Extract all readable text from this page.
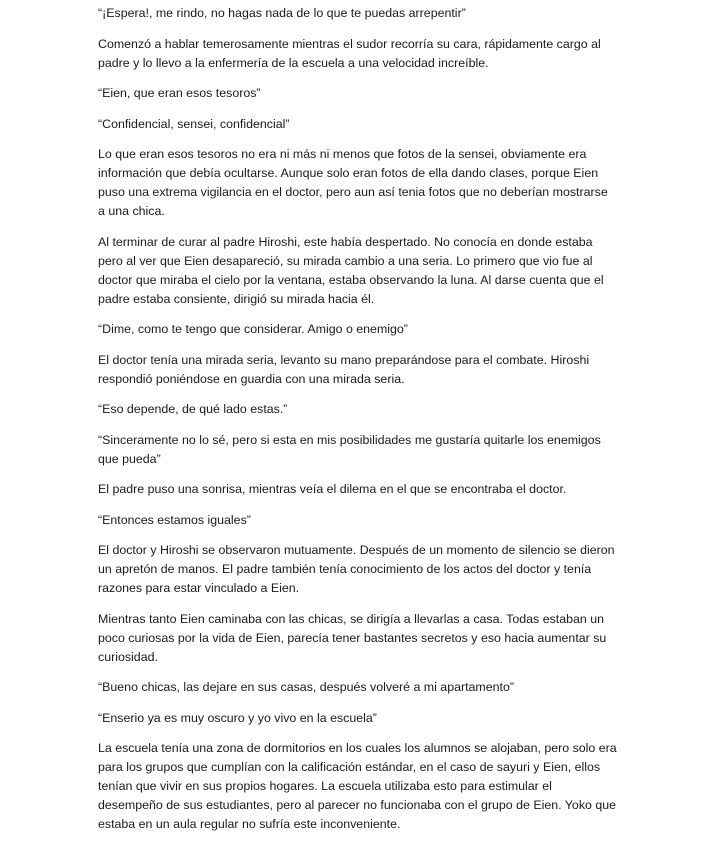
“¡Espera!, me rindo, no hagas nada de lo que te puedas arrepentir”

Comenzó a hablar temerosamente mientras el sudor recorría su cara, rápidamente cargo al padre y lo llevo a la enfermería de la escuela a una velocidad increíble.

“Eien, que eran esos tesoros”

“Confidencial, sensei, confidencial”

Lo que eran esos tesoros no era ni más ni menos que fotos de la sensei, obviamente era información que debía ocultarse. Aunque solo eran fotos de ella dando clases, porque Eien puso una extrema vigilancia en el doctor, pero aun así tenia fotos que no deberían mostrarse a una chica.

Al terminar de curar al padre Hiroshi, este había despertado. No conocía en donde estaba pero al ver que Eien desapareció, su mirada cambio a una seria. Lo primero que vio fue al doctor que miraba el cielo por la ventana, estaba observando la luna. Al darse cuenta que el padre estaba consiente, dirigió su mirada hacia él.

“Dime, como te tengo que considerar. Amigo o enemigo”

El doctor tenía una mirada seria, levanto su mano preparándose para el combate. Hiroshi respondió poniéndose en guardia con una mirada seria.

“Eso depende, de qué lado estas.”

“Sinceramente no lo sé, pero si esta en mis posibilidades me gustaría quitarle los enemigos que pueda”

El padre puso una sonrisa, mientras veía el dilema en el que se encontraba el doctor.

“Entonces estamos iguales”

El doctor y Hiroshi se observaron mutuamente. Después de un momento de silencio se dieron un apretón de manos. El padre también tenía conocimiento de los actos del doctor y tenía razones para estar vinculado a Eien.

Mientras tanto Eien caminaba con las chicas, se dirigía a llevarlas a casa. Todas estaban un poco curiosas por la vida de Eien, parecía tener bastantes secretos y eso hacia aumentar su curiosidad.

“Bueno chicas, las dejare en sus casas, después volveré a mi apartamento”

“Enserio ya es muy oscuro y yo vivo en la escuela”

La escuela tenía una zona de dormitorios en los cuales los alumnos se alojaban, pero solo era para los grupos que cumplían con la calificación estándar, en el caso de sayuri y Eien, ellos tenían que vivir en sus propios hogares. La escuela utilizaba esto para estimular el desempeño de sus estudiantes, pero al parecer no funcionaba con el grupo de Eien. Yoko que estaba en un aula regular no sufría este inconveniente.
